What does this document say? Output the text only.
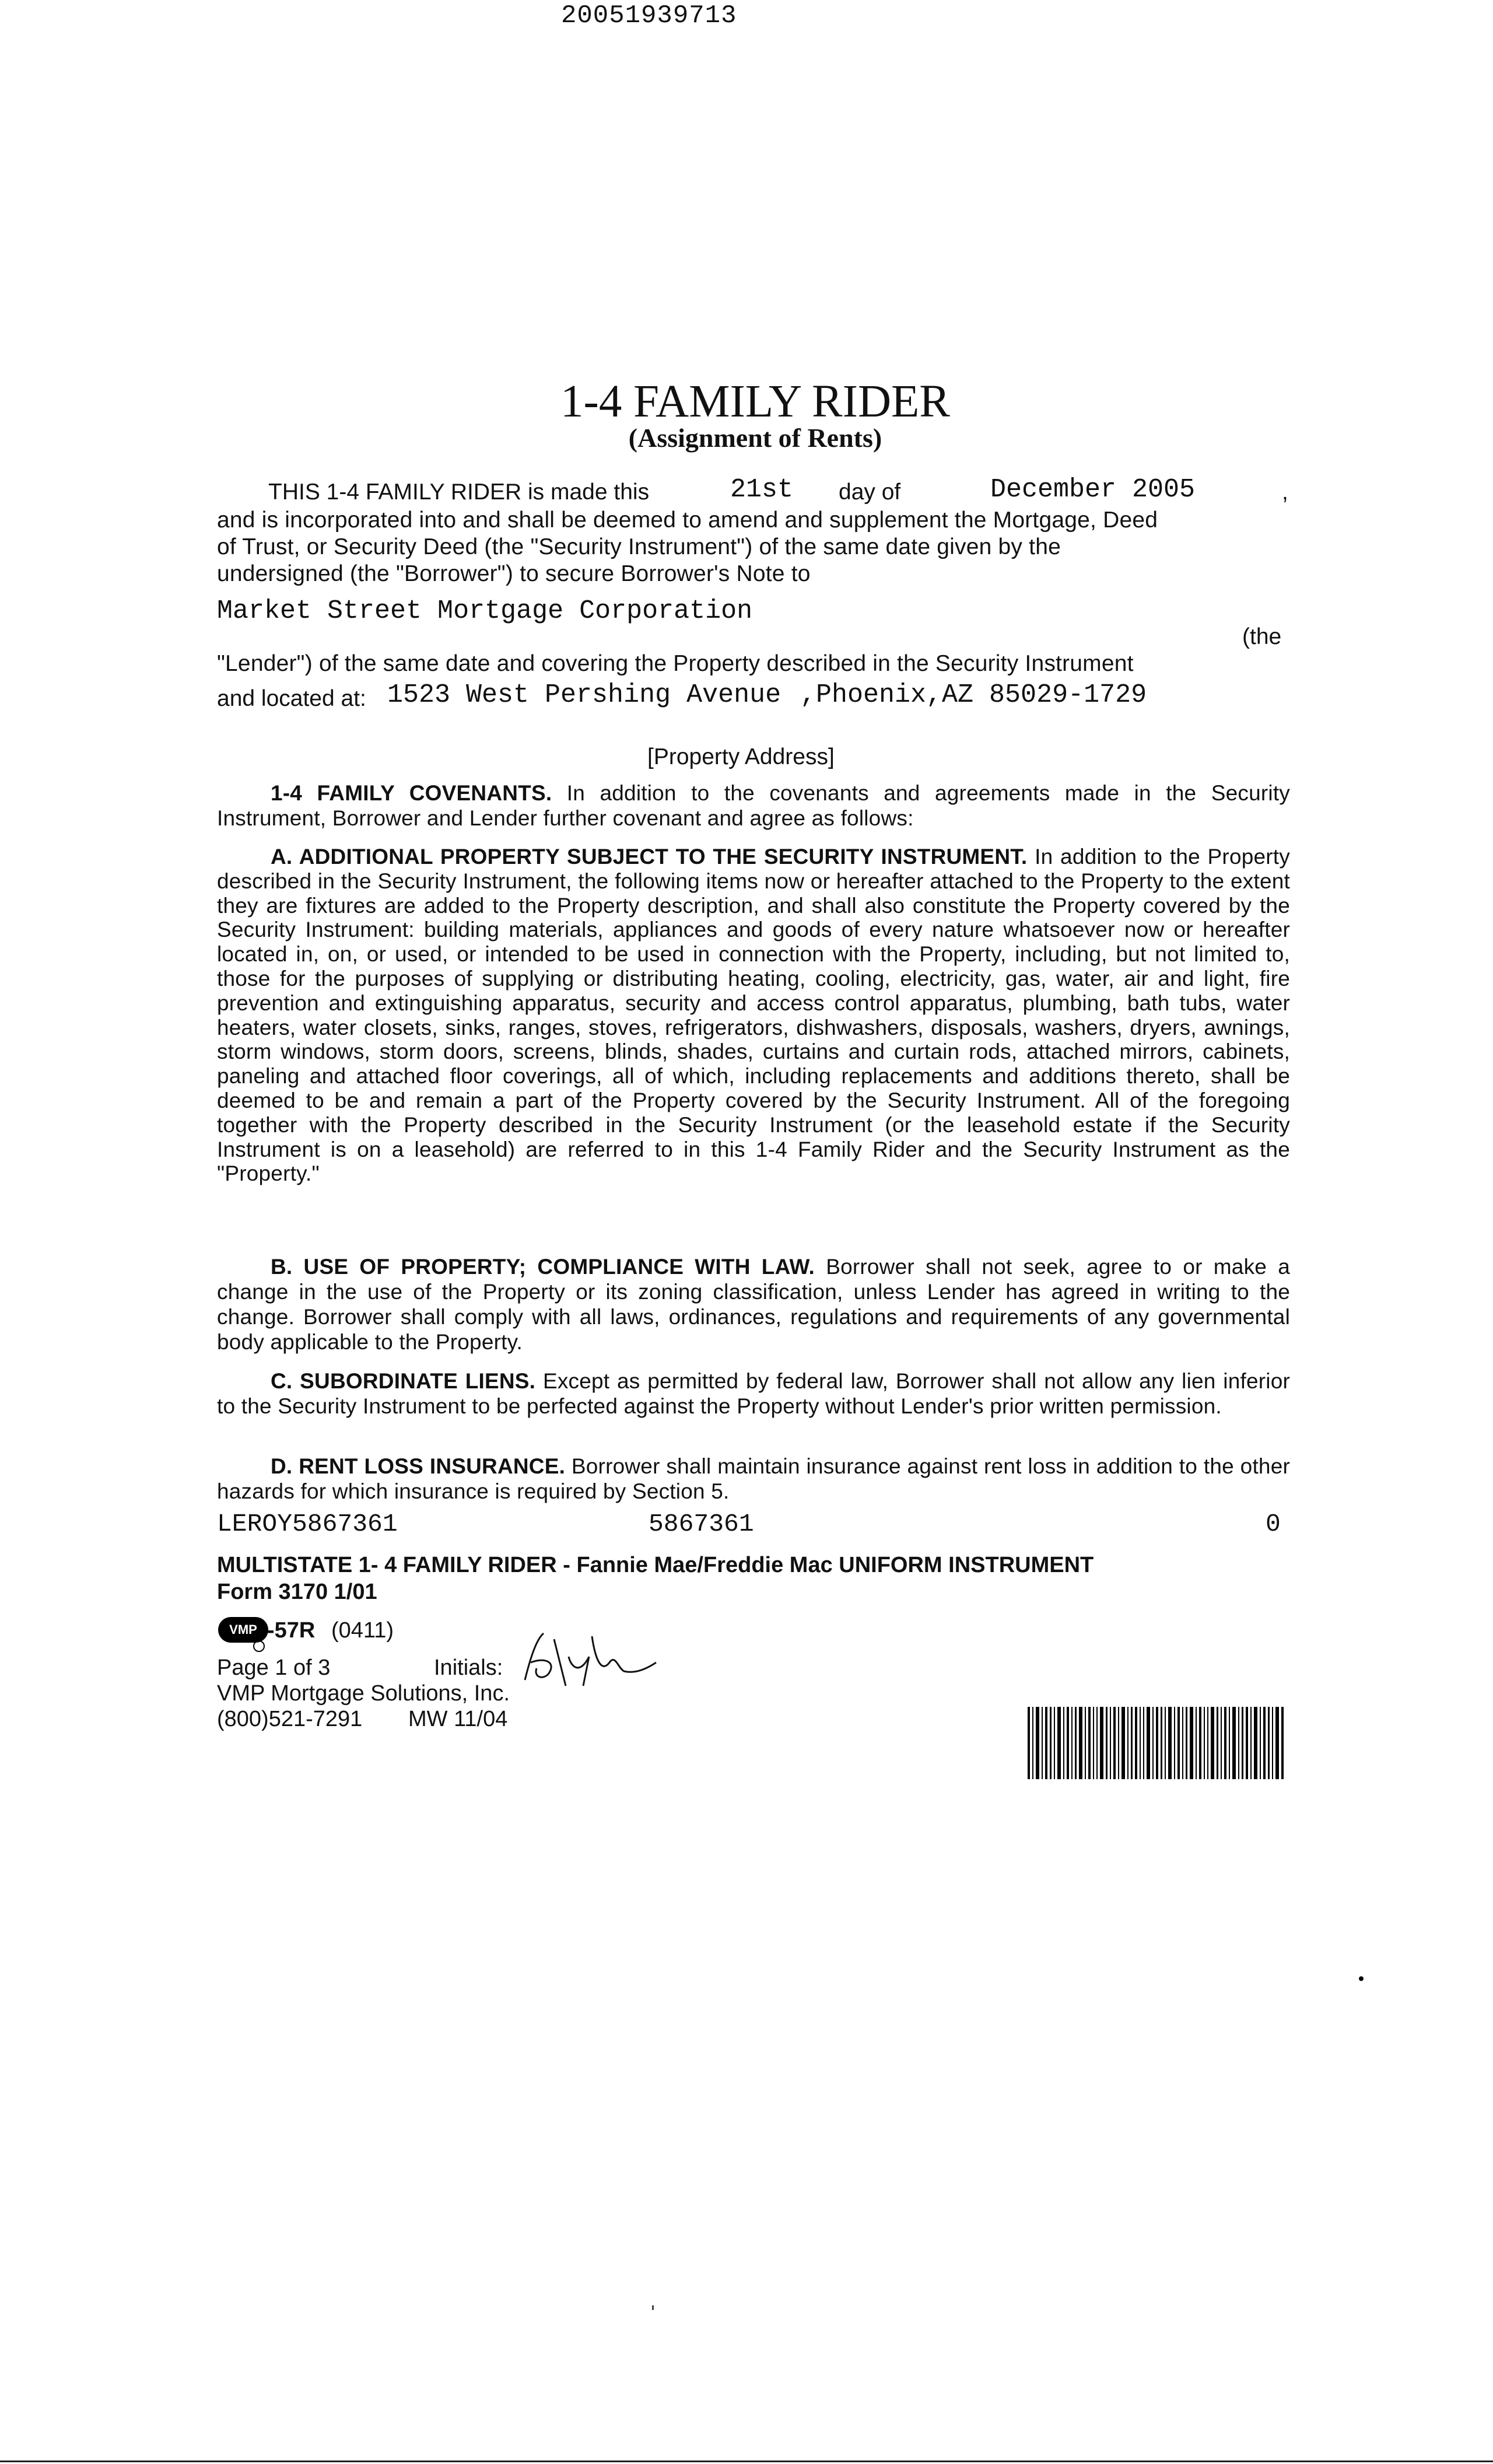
20051939713
1-4 FAMILY RIDER
(Assignment of Rents)
THIS 1-4 FAMILY RIDER is made this	21st day of	December 2005	,
and is incorporated into and shall be deemed to amend and supplement the Mortgage, Deed
of Trust, or Security Deed (the "Security Instrument") of the same date given by the
undersigned (the "Borrower") to secure Borrower's Note to
Market Street Mortgage Corporation
(the
"Lender") of the same date and covering the Property described in the Security Instrument
and located at: 1523 West Pershing Avenue ,Phoenix,AZ 85029-1729
[Property Address]
1-4 FAMILY COVENANTS. In addition to the covenants and agreements made in the Security Instrument, Borrower and Lender further covenant and agree as follows:
A. ADDITIONAL PROPERTY SUBJECT TO THE SECURITY INSTRUMENT. In addition to the Property described in the Security Instrument, the following items now or hereafter attached to the Property to the extent they are fixtures are added to the Property description, and shall also constitute the Property covered by the Security Instrument: building materials, appliances and goods of every nature whatsoever now or hereafter located in, on, or used, or intended to be used in connection with the Property, including, but not limited to, those for the purposes of supplying or distributing heating, cooling, electricity, gas, water, air and light, fire prevention and extinguishing apparatus, security and access control apparatus, plumbing, bath tubs, water heaters, water closets, sinks, ranges, stoves, refrigerators, dishwashers, disposals, washers, dryers, awnings, storm windows, storm doors, screens, blinds, shades, curtains and curtain rods, attached mirrors, cabinets, paneling and attached floor coverings, all of which, including replacements and additions thereto, shall be deemed to be and remain a part of the Property covered by the Security Instrument. All of the foregoing together with the Property described in the Security Instrument (or the leasehold estate if the Security Instrument is on a leasehold) are referred to in this 1-4 Family Rider and the Security Instrument as the "Property."
B. USE OF PROPERTY; COMPLIANCE WITH LAW. Borrower shall not seek, agree to or make a change in the use of the Property or its zoning classification, unless Lender has agreed in writing to the change. Borrower shall comply with all laws, ordinances, regulations and requirements of any governmental body applicable to the Property.
C. SUBORDINATE LIENS. Except as permitted by federal law, Borrower shall not allow any lien inferior to the Security Instrument to be perfected against the Property without Lender's prior written permission.
D. RENT LOSS INSURANCE. Borrower shall maintain insurance against rent loss in addition to the other hazards for which insurance is required by Section 5.
LEROY5867361	5867361	0
MULTISTATE 1- 4 FAMILY RIDER - Fannie Mae/Freddie Mac UNIFORM INSTRUMENT
Form 3170 1/01
VMP -57R (0411)
Page 1 of 3	Initials:
VMP Mortgage Solutions, Inc.
(800)521-7291 MW 11/04
